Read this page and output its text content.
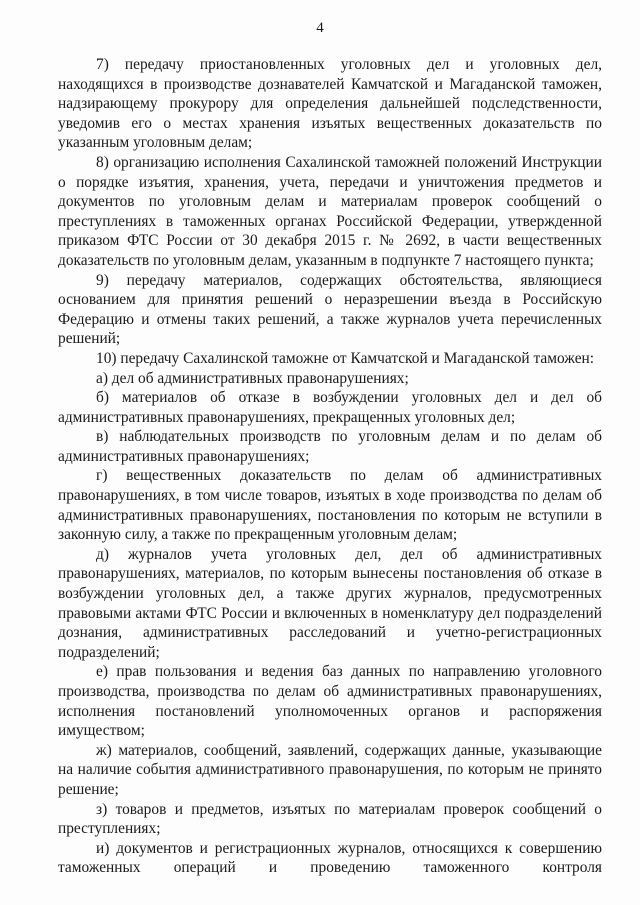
4

7) передачу приостановленных уголовных дел и уголовных дел, находящихся в производстве дознавателей Камчатской и Магаданской таможен, надзирающему прокурору для определения дальнейшей подследственности, уведомив его о местах хранения изъятых вещественных доказательств по указанным уголовным делам;

8) организацию исполнения Сахалинской таможней положений Инструкции о порядке изъятия, хранения, учета, передачи и уничтожения предметов и документов по уголовным делам и материалам проверок сообщений о преступлениях в таможенных органах Российской Федерации, утвержденной приказом ФТС России от 30 декабря 2015 г. № 2692, в части вещественных доказательств по уголовным делам, указанным в подпункте 7 настоящего пункта;

9) передачу материалов, содержащих обстоятельства, являющиеся основанием для принятия решений о неразрешении въезда в Российскую Федерацию и отмены таких решений, а также журналов учета перечисленных решений;

10) передачу Сахалинской таможне от Камчатской и Магаданской таможен:

а) дел об административных правонарушениях;

б) материалов об отказе в возбуждении уголовных дел и дел об административных правонарушениях, прекращенных уголовных дел;

в) наблюдательных производств по уголовным делам и по делам об административных правонарушениях;

г) вещественных доказательств по делам об административных правонарушениях, в том числе товаров, изъятых в ходе производства по делам об административных правонарушениях, постановления по которым не вступили в законную силу, а также по прекращенным уголовным делам;

д) журналов учета уголовных дел, дел об административных правонарушениях, материалов, по которым вынесены постановления об отказе в возбуждении уголовных дел, а также других журналов, предусмотренных правовыми актами ФТС России и включенных в номенклатуру дел подразделений дознания, административных расследований и учетно-регистрационных подразделений;

е) прав пользования и ведения баз данных по направлению уголовного производства, производства по делам об административных правонарушениях, исполнения постановлений уполномоченных органов и распоряжения имуществом;

ж) материалов, сообщений, заявлений, содержащих данные, указывающие на наличие события административного правонарушения, по которым не принято решение;

з) товаров и предметов, изъятых по материалам проверок сообщений о преступлениях;

и) документов и регистрационных журналов, относящихся к совершению таможенных операций и проведению таможенного контроля
